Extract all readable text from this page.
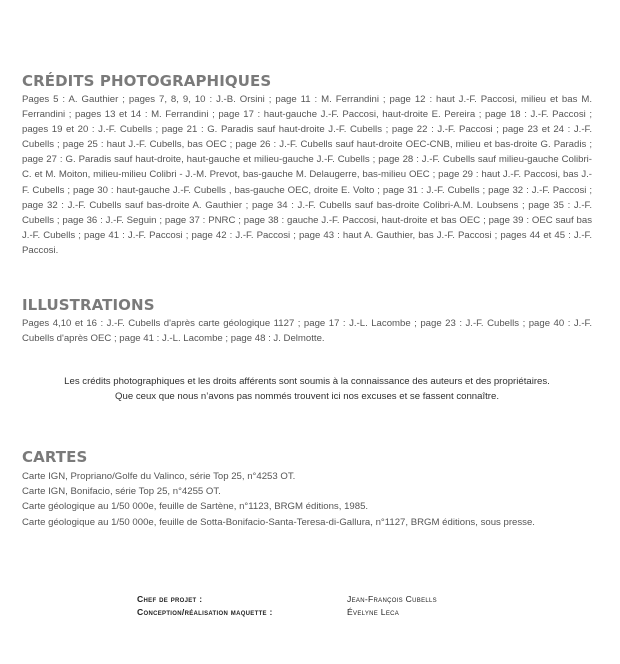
CRÉDITS PHOTOGRAPHIQUES

Pages 5 : A. Gauthier ; pages 7, 8, 9, 10 : J.-B. Orsini ; page 11 : M. Ferrandini ; page 12 : haut J.-F. Paccosi, milieu et bas M. Ferrandini ; pages 13 et 14 : M. Ferrandini ; page 17 : haut-gauche J.-F. Paccosi, haut-droite E. Pereira ; page 18 : J.-F. Paccosi ; pages 19 et 20 : J.-F. Cubells ; page 21 : G. Paradis sauf haut-droite J.-F. Cubells ; page 22 : J.-F. Paccosi ; page 23 et 24 : J.-F. Cubells ; page 25 : haut J.-F. Cubells, bas OEC ; page 26 : J.-F. Cubells sauf haut-droite OEC-CNB, milieu et bas-droite G. Paradis ; page 27 : G. Paradis sauf haut-droite, haut-gauche et milieu-gauche J.-F. Cubells ; page 28 : J.-F. Cubells sauf milieu-gauche Colibri- C. et M. Moiton, milieu-milieu Colibri - J.-M. Prevot, bas-gauche M. Delaugerre, bas-milieu OEC ; page 29 : haut J.-F. Paccosi, bas J.-F. Cubells ; page 30 : haut-gauche J.-F. Cubells , bas-gauche OEC, droite E. Volto ; page 31 : J.-F. Cubells ; page 32 : J.-F. Paccosi ; page 32 : J.-F. Cubells sauf bas-droite A. Gauthier ; page 34 : J.-F. Cubells sauf bas-droite Colibri-A.M. Loubsens ; page 35 : J.-F. Cubells ; page 36 : J.-F. Seguin ; page 37 : PNRC ; page 38 : gauche J.-F. Paccosi, haut-droite et bas OEC ; page 39 : OEC sauf bas J.-F. Cubells ; page 41 : J.-F. Paccosi ; page 42 : J.-F. Paccosi ; page 43 : haut A. Gauthier, bas J.-F. Paccosi ; pages 44 et 45 : J.-F. Paccosi.

ILLUSTRATIONS

Pages 4,10 et 16 : J.-F. Cubells d'après carte géologique 1127 ; page 17 : J.-L. Lacombe ; page 23 : J.-F. Cubells ; page 40 : J.-F. Cubells d'après OEC ; page 41 : J.-L. Lacombe ; page 48 : J. Delmotte.

Les crédits photographiques et les droits afférents sont soumis à la connaissance des auteurs et des propriétaires.
Que ceux que nous n’avons pas nommés trouvent ici nos excuses et se fassent connaître.
CARTES
Carte IGN, Propriano/Golfe du Valinco, série Top 25, n°4253 OT.
Carte IGN, Bonifacio, série Top 25, n°4255 OT.
Carte géologique au 1/50 000e, feuille de Sartène, n°1123, BRGM éditions, 1985.
Carte géologique au 1/50 000e, feuille de Sotta-Bonifacio-Santa-Teresa-di-Gallura, n°1127, BRGM éditions, sous presse.
Chef de projet :	Jean-François Cubells
Conception/réalisation maquette :	Évelyne Leca
